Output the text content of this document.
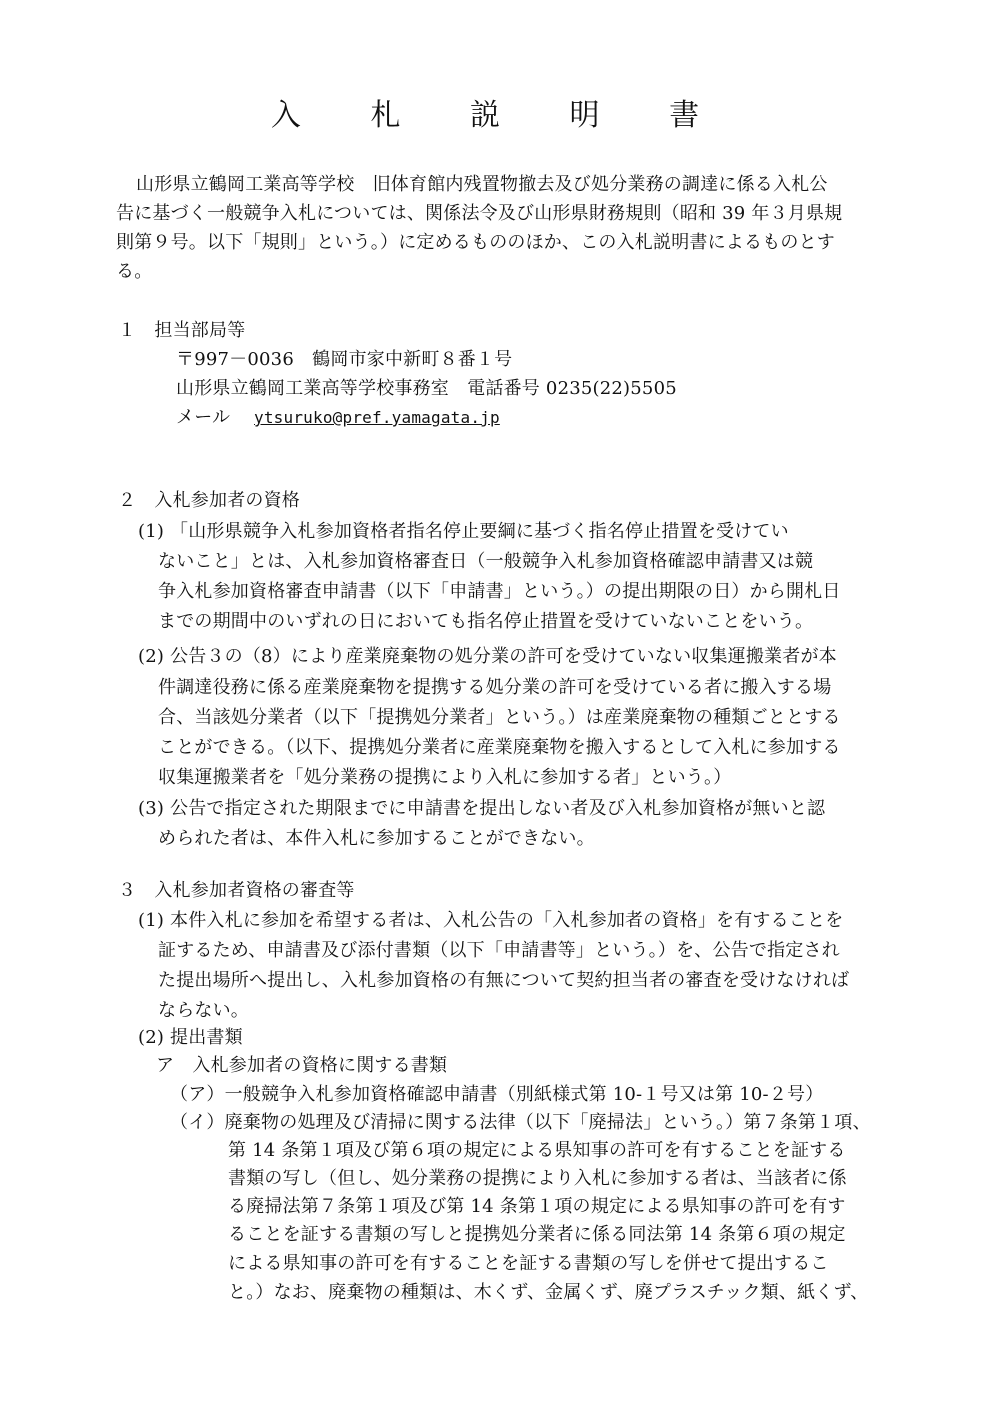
入 札 説 明 書
山形県立鶴岡工業高等学校　旧体育館内残置物撤去及び処分業務の調達に係る入札公
告に基づく一般競争入札については、関係法令及び山形県財務規則（昭和 39 年３月県規
則第９号。以下「規則」という。）に定めるもののほか、この入札説明書によるものとす
る。
１　担当部局等
〒997－0036　鶴岡市家中新町８番１号
山形県立鶴岡工業高等学校事務室　電話番号 0235(22)5505
メール ytsuruko@pref.yamagata.jp
２　入札参加者の資格
(1) 「山形県競争入札参加資格者指名停止要綱に基づく指名停止措置を受けてい
ないこと」とは、入札参加資格審査日（一般競争入札参加資格確認申請書又は競
争入札参加資格審査申請書（以下「申請書」という。）の提出期限の日）から開札日
までの期間中のいずれの日においても指名停止措置を受けていないことをいう。
(2) 公告３の（8）により産業廃棄物の処分業の許可を受けていない収集運搬業者が本
件調達役務に係る産業廃棄物を提携する処分業の許可を受けている者に搬入する場
合、当該処分業者（以下「提携処分業者」という。）は産業廃棄物の種類ごととする
ことができる。（以下、提携処分業者に産業廃棄物を搬入するとして入札に参加する
収集運搬業者を「処分業務の提携により入札に参加する者」という。）
(3) 公告で指定された期限までに申請書を提出しない者及び入札参加資格が無いと認
められた者は、本件入札に参加することができない。
３　入札参加者資格の審査等
(1) 本件入札に参加を希望する者は、入札公告の「入札参加者の資格」を有することを
証するため、申請書及び添付書類（以下「申請書等」という。）を、公告で指定され
た提出場所へ提出し、入札参加資格の有無について契約担当者の審査を受けなければ
ならない。
(2) 提出書類
ア　入札参加者の資格に関する書類
（ア）一般競争入札参加資格確認申請書（別紙様式第 10‐１号又は第 10‐２号）
（イ）廃棄物の処理及び清掃に関する法律（以下「廃掃法」という。）第７条第１項、
第 14 条第１項及び第６項の規定による県知事の許可を有することを証する
書類の写し（但し、処分業務の提携により入札に参加する者は、当該者に係
る廃掃法第７条第１項及び第 14 条第１項の規定による県知事の許可を有す
ることを証する書類の写しと提携処分業者に係る同法第 14 条第６項の規定
による県知事の許可を有することを証する書類の写しを併せて提出するこ
と。）なお、廃棄物の種類は、木くず、金属くず、廃プラスチック類、紙くず、
